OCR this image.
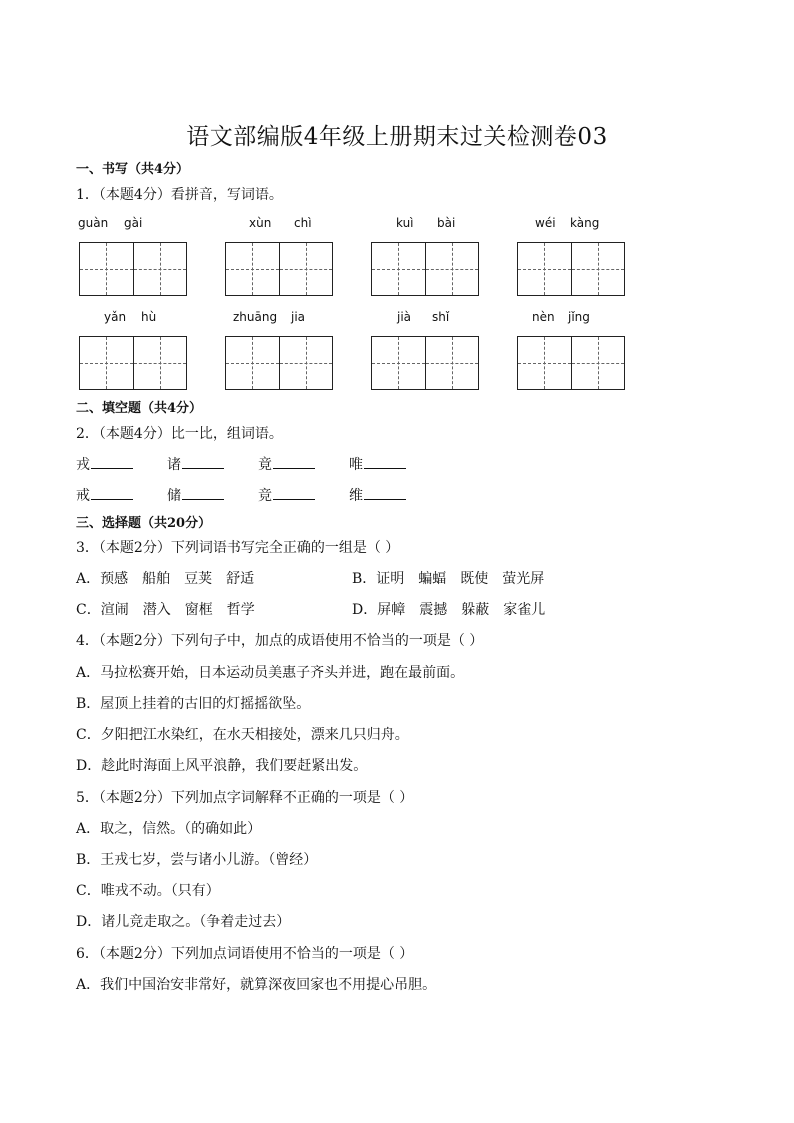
语文部编版4年级上册期末过关检测卷03
一、书写（共4分）
1．（本题4分）看拼音，写词语。
guàn gài	xùn chì	kuì bài	wéi kàng
yǎn hù	zhuāng jia	jià shǐ	nèn jǐng
二、填空题（共4分）
2．（本题4分）比一比，组词语。
戎	诸	竟	唯
戒	储	竞	维
三、选择题（共20分）
3．（本题2分）下列词语书写完全正确的一组是（ ）
A．预感 船舶 豆荚 舒适	B．证明 蝙蝠 既使 萤光屏
C．渲闹 潜入 窗框 哲学	D．屏幛 震撼 躲蔽 家雀儿
4．（本题2分）下列句子中，加点的成语使用不恰当的一项是（ ）
A．马拉松赛开始，日本运动员美惠子齐头并进，跑在最前面。
B．屋顶上挂着的古旧的灯摇摇欲坠。
C．夕阳把江水染红，在水天相接处，漂来几只归舟。
D．趁此时海面上风平浪静，我们要赶紧出发。
5．（本题2分）下列加点字词解释不正确的一项是（ ）
A．取之，信然。（的确如此）
B．王戎七岁，尝与诸小儿游。（曾经）
C．唯戎不动。（只有）
D．诸儿竞走取之。（争着走过去）
6．（本题2分）下列加点词语使用不恰当的一项是（ ）
A．我们中国治安非常好，就算深夜回家也不用提心吊胆。
